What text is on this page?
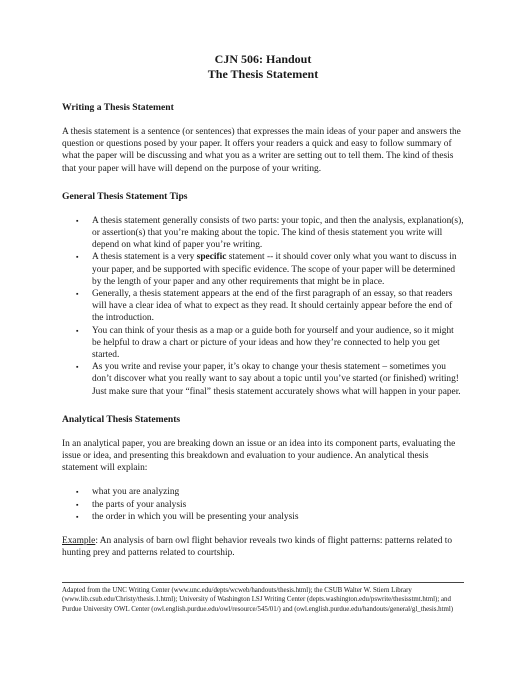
CJN 506: Handout

The Thesis Statement

Writing a Thesis Statement

A thesis statement is a sentence (or sentences) that expresses the main ideas of your paper and answers the question or questions posed by your paper. It offers your readers a quick and easy to follow summary of what the paper will be discussing and what you as a writer are setting out to tell them. The kind of thesis that your paper will have will depend on the purpose of your writing.

General Thesis Statement Tips

▪ A thesis statement generally consists of two parts: your topic, and then the analysis, explanation(s), or assertion(s) that you’re making about the topic. The kind of thesis statement you write will depend on what kind of paper you’re writing.
▪ A thesis statement is a very specific statement -- it should cover only what you want to discuss in your paper, and be supported with specific evidence. The scope of your paper will be determined by the length of your paper and any other requirements that might be in place.
▪ Generally, a thesis statement appears at the end of the first paragraph of an essay, so that readers will have a clear idea of what to expect as they read. It should certainly appear before the end of the introduction.
▪ You can think of your thesis as a map or a guide both for yourself and your audience, so it might be helpful to draw a chart or picture of your ideas and how they’re connected to help you get started.
▪ As you write and revise your paper, it’s okay to change your thesis statement – sometimes you don’t discover what you really want to say about a topic until you’ve started (or finished) writing! Just make sure that your “final” thesis statement accurately shows what will happen in your paper.

Analytical Thesis Statements

In an analytical paper, you are breaking down an issue or an idea into its component parts, evaluating the issue or idea, and presenting this breakdown and evaluation to your audience. An analytical thesis statement will explain:

▪ what you are analyzing
▪ the parts of your analysis
▪ the order in which you will be presenting your analysis

Example: An analysis of barn owl flight behavior reveals two kinds of flight patterns: patterns related to hunting prey and patterns related to courtship.

Adapted from the UNC Writing Center (www.unc.edu/depts/wcweb/handouts/thesis.html); the CSUB Walter W. Stiern Library (www.lib.csub.edu/Christy/thesis.1.html); University of Washington LSJ Writing Center (depts.washington.edu/pswrite/thesisstmt.html); and Purdue University OWL Center (owl.english.purdue.edu/owl/resource/545/01/) and (owl.english.purdue.edu/handouts/general/gl_thesis.html)
